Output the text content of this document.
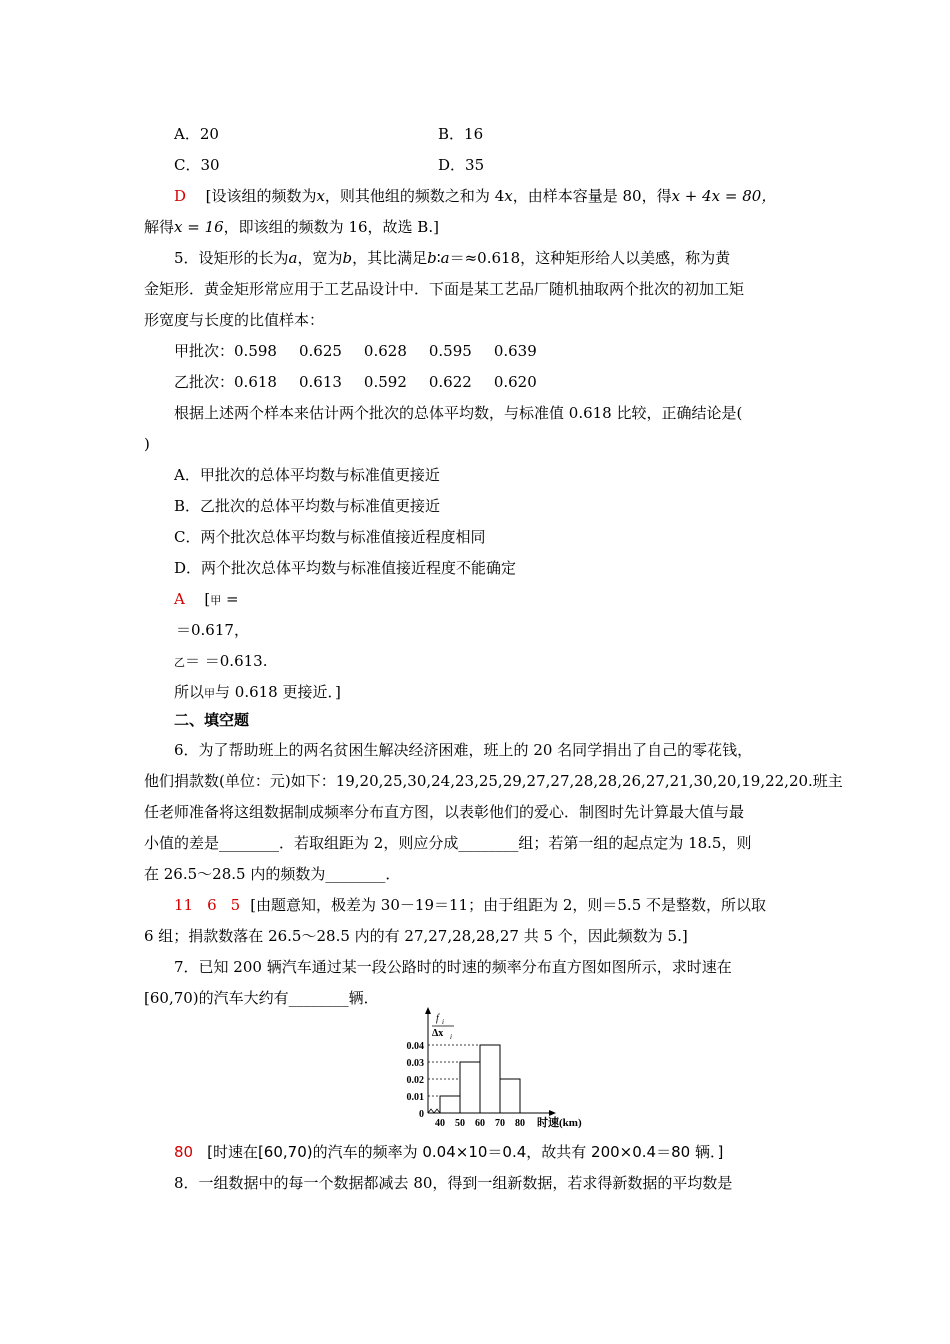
A．20	B．16
C．30	D．35
D [设该组的频数为x，则其他组的频数之和为 4x，由样本容量是 80，得x + 4x = 80，
解得x = 16，即该组的频数为 16，故选 B.]
5．设矩形的长为a，宽为b，其比满足b∶a＝≈0.618，这种矩形给人以美感，称为黄
金矩形．黄金矩形常应用于工艺品设计中．下面是某工艺品厂随机抽取两个批次的初加工矩
形宽度与长度的比值样本：
甲批次：0.598 0.625 0.628 0.595 0.639
乙批次：0.618 0.613 0.592 0.622 0.620
根据上述两个样本来估计两个批次的总体平均数，与标准值 0.618 比较，正确结论是(
)
A．甲批次的总体平均数与标准值更接近
B．乙批次的总体平均数与标准值更接近
C．两个批次总体平均数与标准值接近程度相同
D．两个批次总体平均数与标准值接近程度不能确定
A [甲 =
＝0.617，
乙＝ ＝0.613.
所以甲与 0.618 更接近．]
二、填空题
6．为了帮助班上的两名贫困生解决经济困难，班上的 20 名同学捐出了自己的零花钱，
他们捐款数(单位：元)如下：19,20,25,30,24,23,25,29,27,27,28,28,26,27,21,30,20,19,22,20.班主
任老师准备将这组数据制成频率分布直方图，以表彰他们的爱心．制图时先计算最大值与最
小值的差是________．若取组距为 2，则应分成________组；若第一组的起点定为 18.5，则
在 26.5～28.5 内的频数为________．
11 6 5 [由题意知，极差为 30－19＝11；由于组距为 2，则＝5.5 不是整数，所以取
6 组；捐款数落在 26.5～28.5 内的有 27,27,28,28,27 共 5 个，因此频数为 5.]
7．已知 200 辆汽车通过某一段公路时的时速的频率分布直方图如图所示，求时速在
[60,70)的汽车大约有________辆．
f i
Δx i
时速(km)
0
0.01
0.02
0.03
0.04
40 50 60 70 80
80 [时速在[60,70)的汽车的频率为 0.04×10＝0.4，故共有 200×0.4＝80 辆．]
8．一组数据中的每一个数据都减去 80，得到一组新数据，若求得新数据的平均数是
